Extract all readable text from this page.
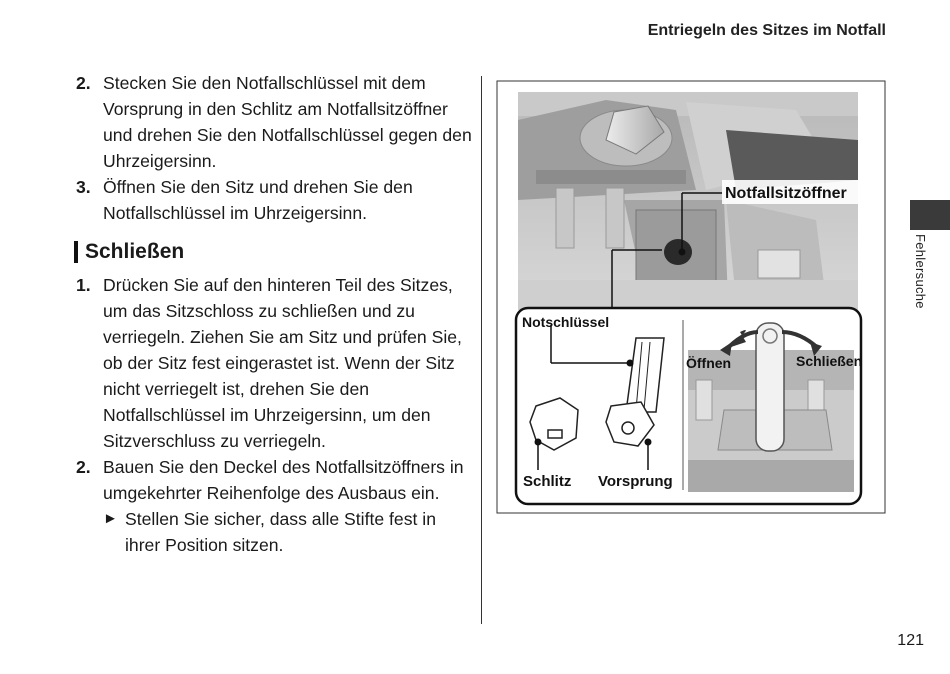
Entriegeln des Sitzes im Notfall
2. Stecken Sie den Notfallschlüssel mit dem Vorsprung in den Schlitz am Notfallsitzöffner und drehen Sie den Notfallschlüssel gegen den Uhrzeigersinn.
3. Öffnen Sie den Sitz und drehen Sie den Notfallschlüssel im Uhrzeigersinn.
Schließen
1. Drücken Sie auf den hinteren Teil des Sitzes, um das Sitzschloss zu schließen und zu verriegeln. Ziehen Sie am Sitz und prüfen Sie, ob der Sitz fest eingerastet ist. Wenn der Sitz nicht verriegelt ist, drehen Sie den Notfallschlüssel im Uhrzeigersinn, um den Sitzverschluss zu verriegeln.
2. Bauen Sie den Deckel des Notfallsitzöffners in umgekehrter Reihenfolge des Ausbaus ein.
► Stellen Sie sicher, dass alle Stifte fest in ihrer Position sitzen.
Notfallsitzöffner
Notschlüssel
Schlitz Vorsprung
Öffnen	Schließen
Fehlersuche
121
